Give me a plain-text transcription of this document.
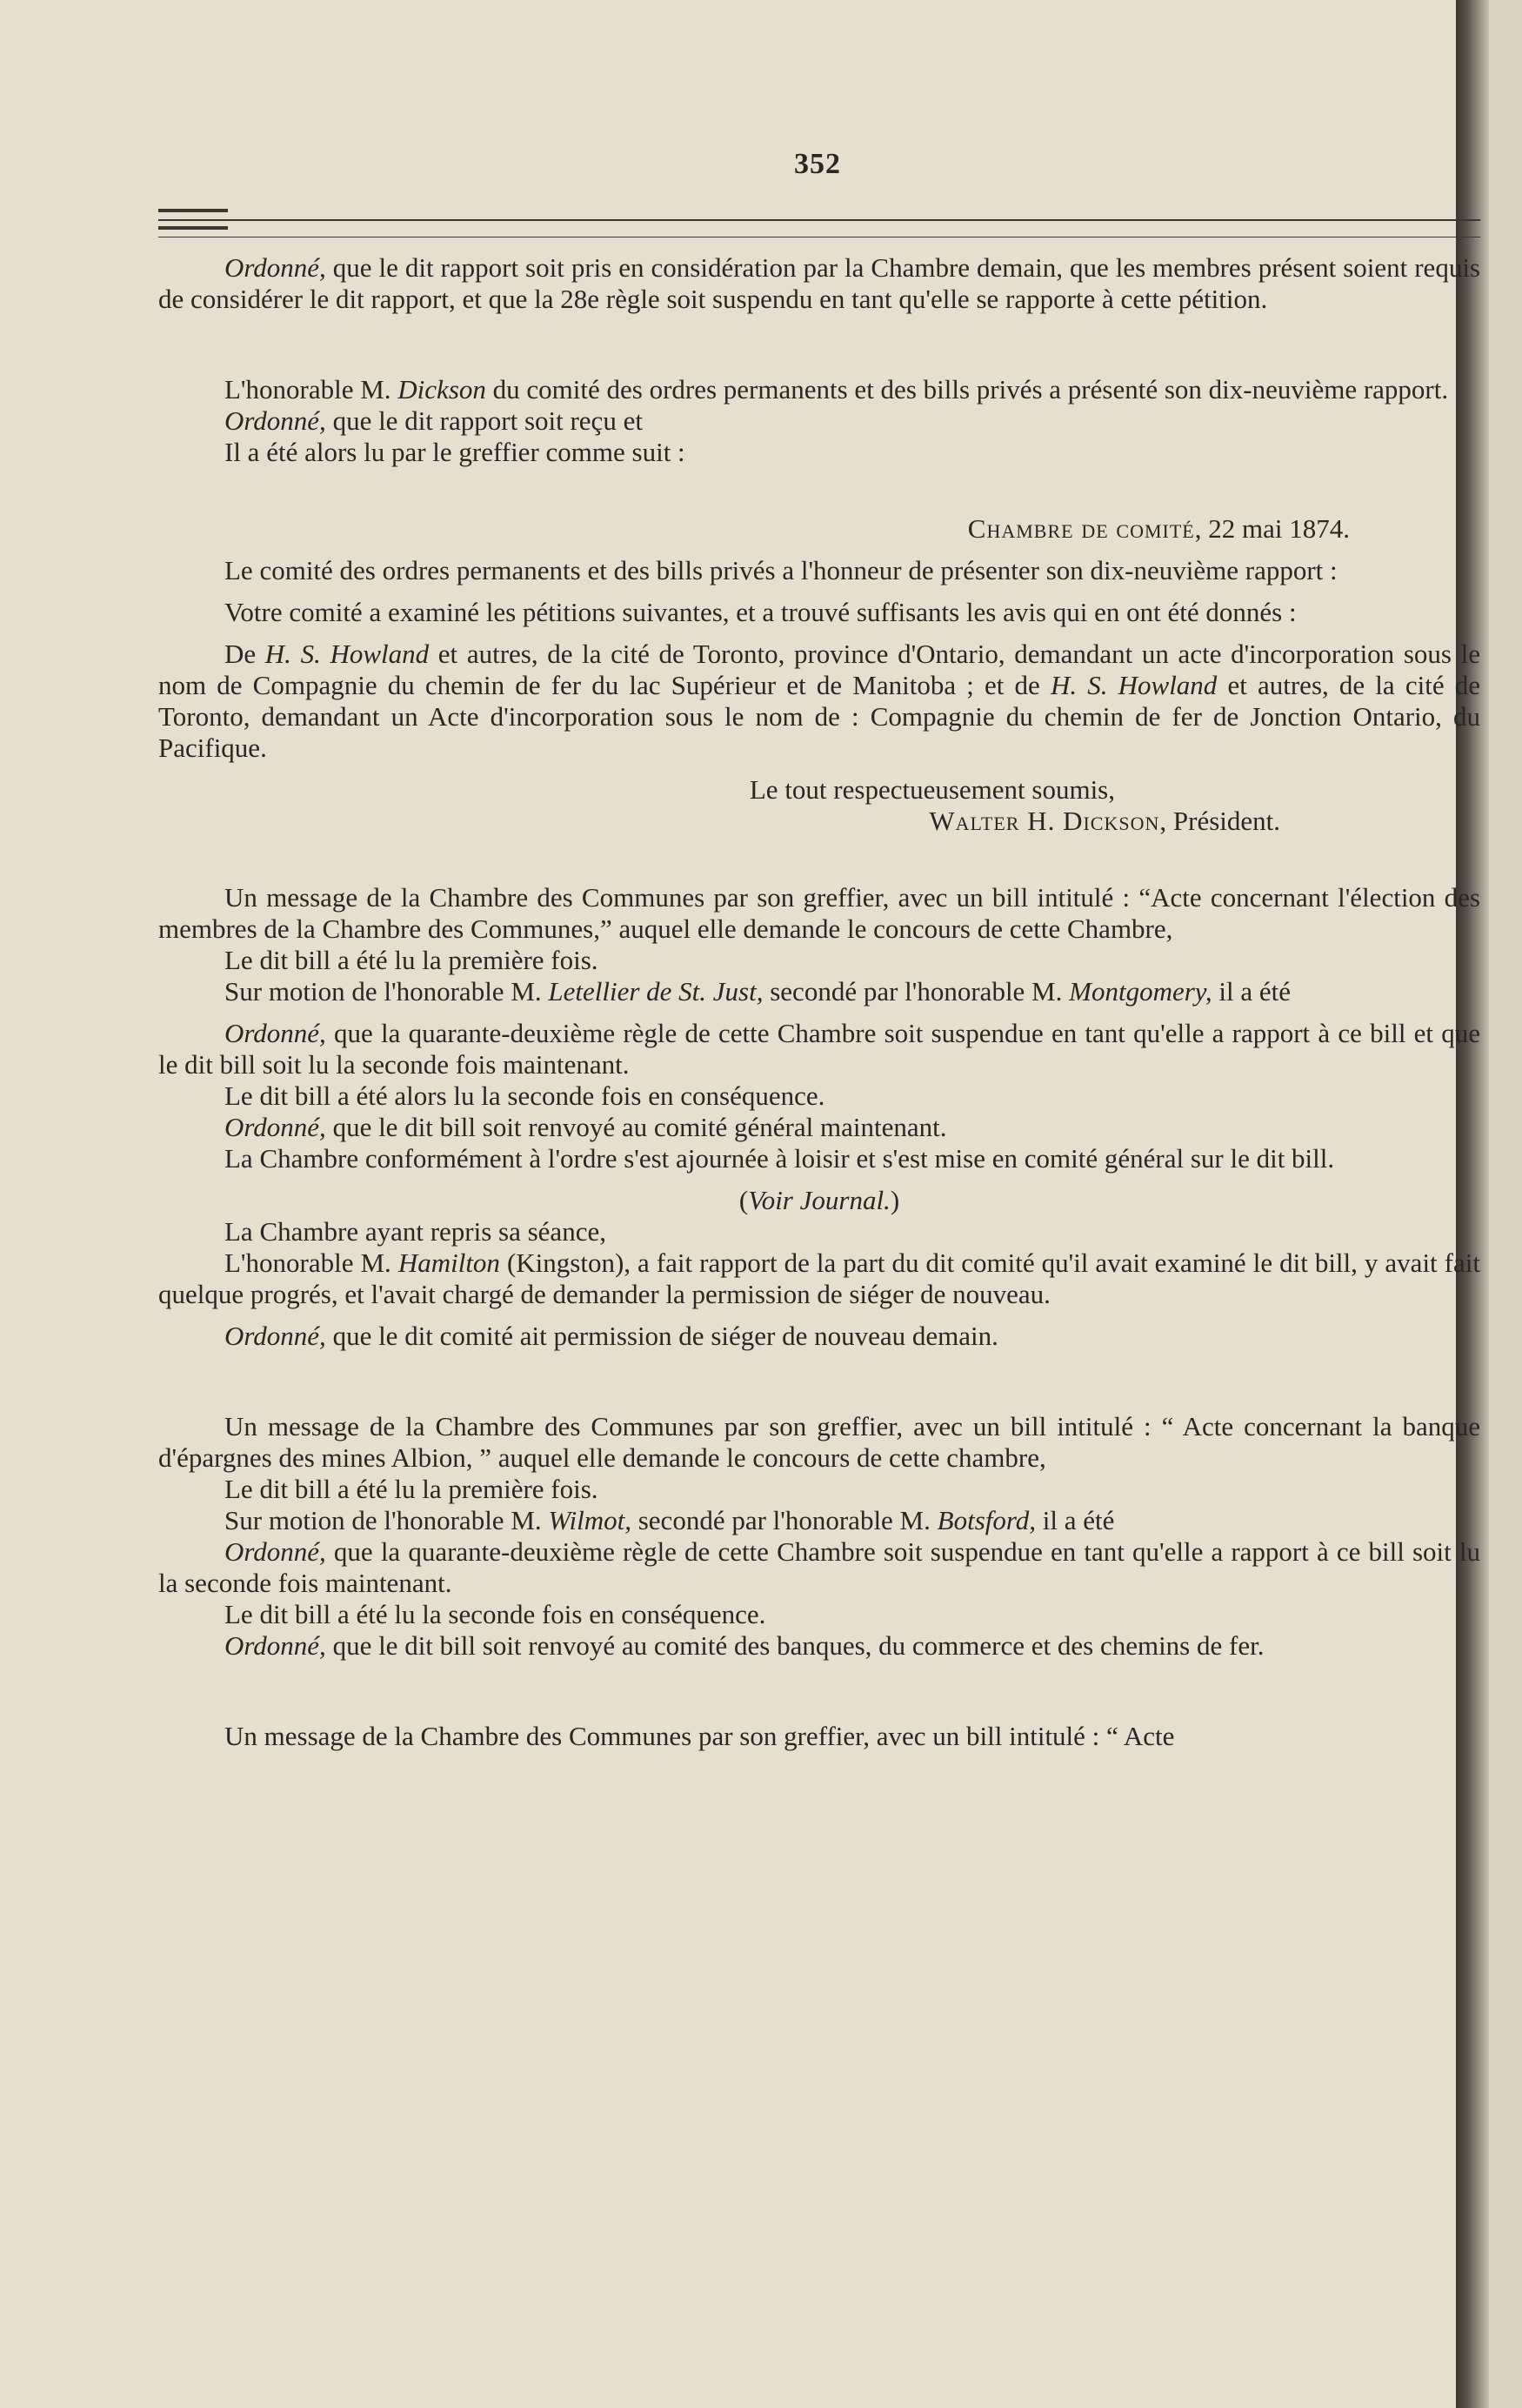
352

Ordonné, que le dit rapport soit pris en considération par la Chambre demain, que les membres présent soient requis de considérer le dit rapport, et que la 28e règle soit suspendu en tant qu'elle se rapporte à cette pétition.

L'honorable M. Dickson du comité des ordres permanents et des bills privés a présenté son dix-neuvième rapport.

Ordonné, que le dit rapport soit reçu et

Il a été alors lu par le greffier comme suit :

Chambre de comité, 22 mai 1874.

Le comité des ordres permanents et des bills privés a l'honneur de présenter son dix-neuvième rapport :

Votre comité a examiné les pétitions suivantes, et a trouvé suffisants les avis qui en ont été donnés :

De H. S. Howland et autres, de la cité de Toronto, province d'Ontario, demandant un acte d'incorporation sous le nom de Compagnie du chemin de fer du lac Supérieur et de Manitoba ; et de H. S. Howland et autres, de la cité de Toronto, demandant un Acte d'incorporation sous le nom de : Compagnie du chemin de fer de Jonction Ontario, du Pacifique.

Le tout respectueusement soumis,

Walter H. Dickson, Président.

Un message de la Chambre des Communes par son greffier, avec un bill intitulé : “Acte concernant l'élection des membres de la Chambre des Communes,” auquel elle demande le concours de cette Chambre,

Le dit bill a été lu la première fois.

Sur motion de l'honorable M. Letellier de St. Just, secondé par l'honorable M. Montgomery, il a été

Ordonné, que la quarante-deuxième règle de cette Chambre soit suspendue en tant qu'elle a rapport à ce bill et que le dit bill soit lu la seconde fois maintenant.

Le dit bill a été alors lu la seconde fois en conséquence.

Ordonné, que le dit bill soit renvoyé au comité général maintenant.

La Chambre conformément à l'ordre s'est ajournée à loisir et s'est mise en comité général sur le dit bill.

(Voir Journal.)

La Chambre ayant repris sa séance,

L'honorable M. Hamilton (Kingston), a fait rapport de la part du dit comité qu'il avait examiné le dit bill, y avait fait quelque progrés, et l'avait chargé de demander la permission de siéger de nouveau.

Ordonné, que le dit comité ait permission de siéger de nouveau demain.

Un message de la Chambre des Communes par son greffier, avec un bill intitulé : “ Acte concernant la banque d'épargnes des mines Albion, ” auquel elle demande le concours de cette chambre,

Le dit bill a été lu la première fois.

Sur motion de l'honorable M. Wilmot, secondé par l'honorable M. Botsford, il a été

Ordonné, que la quarante-deuxième règle de cette Chambre soit suspendue en tant qu'elle a rapport à ce bill soit lu la seconde fois maintenant.

Le dit bill a été lu la seconde fois en conséquence.

Ordonné, que le dit bill soit renvoyé au comité des banques, du commerce et des chemins de fer.

Un message de la Chambre des Communes par son greffier, avec un bill intitulé : “ Acte
